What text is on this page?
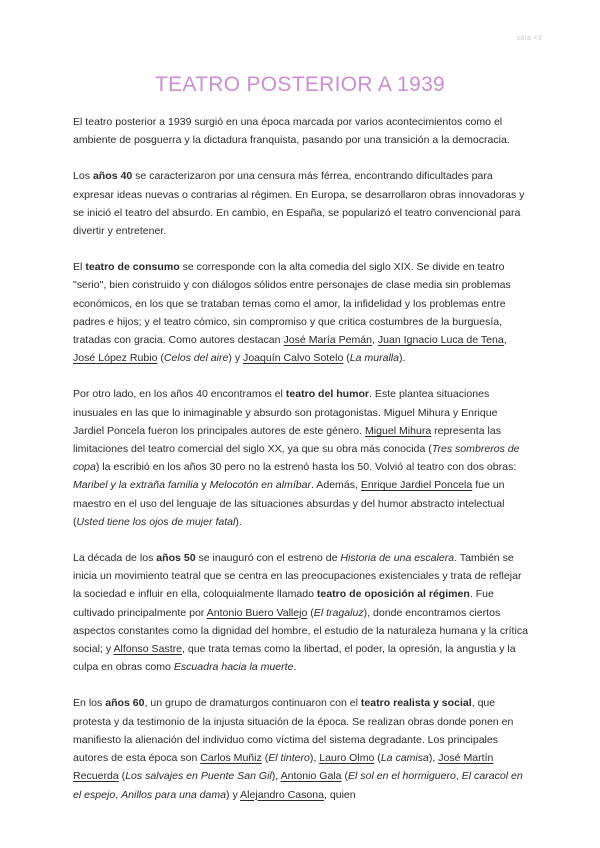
sara <3
TEATRO POSTERIOR A 1939

El teatro posterior a 1939 surgió en una época marcada por varios acontecimientos como el ambiente de posguerra y la dictadura franquista, pasando por una transición a la democracia.

Los años 40 se caracterizaron por una censura más férrea, encontrando dificultades para expresar ideas nuevas o contrarias al régimen. En Europa, se desarrollaron obras innovadoras y se inició el teatro del absurdo. En cambio, en España, se popularizó el teatro convencional para divertir y entretener.

El teatro de consumo se corresponde con la alta comedia del siglo XIX. Se divide en teatro "serio", bien construido y con diálogos sólidos entre personajes de clase media sin problemas económicos, en los que se trataban temas como el amor, la infidelidad y los problemas entre padres e hijos; y el teatro cómico, sin compromiso y que critica costumbres de la burguesía, tratadas con gracia. Como autores destacan José María Pemán, Juan Ignacio Luca de Tena, José López Rubio (Celos del aire) y Joaquín Calvo Sotelo (La muralla).

Por otro lado, en los años 40 encontramos el teatro del humor. Este plantea situaciones inusuales en las que lo inimaginable y absurdo son protagonistas. Miguel Mihura y Enrique Jardiel Poncela fueron los principales autores de este género. Miguel Mihura representa las limitaciones del teatro comercial del siglo XX, ya que su obra más conocida (Tres sombreros de copa) la escribió en los años 30 pero no la estrenó hasta los 50. Volvió al teatro con dos obras: Maribel y la extraña familia y Melocotón en almíbar. Además, Enrique Jardiel Poncela fue un maestro en el uso del lenguaje de las situaciones absurdas y del humor abstracto intelectual (Usted tiene los ojos de mujer fatal).

La década de los años 50 se inauguró con el estreno de Historia de una escalera. También se inicia un movimiento teatral que se centra en las preocupaciones existenciales y trata de reflejar la sociedad e influir en ella, coloquialmente llamado teatro de oposición al régimen. Fue cultivado principalmente por Antonio Buero Vallejo (El tragaluz), donde encontramos ciertos aspectos constantes como la dignidad del hombre, el estudio de la naturaleza humana y la crítica social; y Alfonso Sastre, que trata temas como la libertad, el poder, la opresión, la angustia y la culpa en obras como Escuadra hacia la muerte.

En los años 60, un grupo de dramaturgos continuaron con el teatro realista y social, que protesta y da testimonio de la injusta situación de la época. Se realizan obras donde ponen en manifiesto la alienación del individuo como víctima del sistema degradante. Los principales autores de esta época son Carlos Muñiz (El tintero), Lauro Olmo (La camisa), José Martín Recuerda (Los salvajes en Puente San Gil), Antonio Gala (El sol en el hormiguero, El caracol en el espejo, Anillos para una dama) y Alejandro Casona, quien
